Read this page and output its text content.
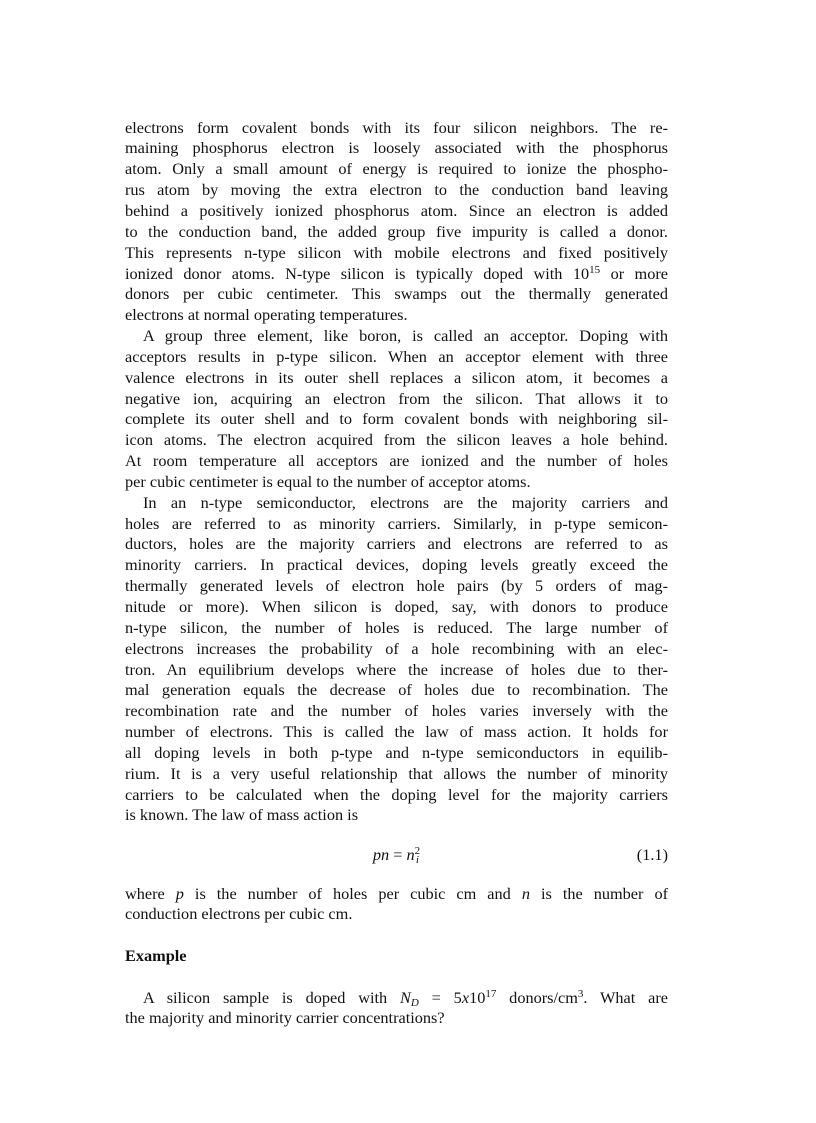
electrons form covalent bonds with its four silicon neighbors. The re-
maining phosphorus electron is loosely associated with the phosphorus
atom. Only a small amount of energy is required to ionize the phospho-
rus atom by moving the extra electron to the conduction band leaving
behind a positively ionized phosphorus atom. Since an electron is added
to the conduction band, the added group five impurity is called a donor.
This represents n-type silicon with mobile electrons and fixed positively
ionized donor atoms. N-type silicon is typically doped with $10^{15}$ or more
donors per cubic centimeter. This swamps out the thermally generated
electrons at normal operating temperatures.
A group three element, like boron, is called an acceptor. Doping with
acceptors results in p-type silicon. When an acceptor element with three
valence electrons in its outer shell replaces a silicon atom, it becomes a
negative ion, acquiring an electron from the silicon. That allows it to
complete its outer shell and to form covalent bonds with neighboring sil-
icon atoms. The electron acquired from the silicon leaves a hole behind.
At room temperature all acceptors are ionized and the number of holes
per cubic centimeter is equal to the number of acceptor atoms.
In an n-type semiconductor, electrons are the majority carriers and
holes are referred to as minority carriers. Similarly, in p-type semicon-
ductors, holes are the majority carriers and electrons are referred to as
minority carriers. In practical devices, doping levels greatly exceed the
thermally generated levels of electron hole pairs (by 5 orders of mag-
nitude or more). When silicon is doped, say, with donors to produce
n-type silicon, the number of holes is reduced. The large number of
electrons increases the probability of a hole recombining with an elec-
tron. An equilibrium develops where the increase of holes due to ther-
mal generation equals the decrease of holes due to recombination. The
recombination rate and the number of holes varies inversely with the
number of electrons. This is called the law of mass action. It holds for
all doping levels in both p-type and n-type semiconductors in equilib-
rium. It is a very useful relationship that allows the number of minority
carriers to be calculated when the doping level for the majority carriers
is known. The law of mass action is
pn = n 2
i	(1.1)
where p is the number of holes per cubic cm and n is the number of
conduction electrons per cubic cm.
Example
A silicon sample is doped with $N_D = 5x10^{17}$ donors/$cm^3$. What are
the majority and minority carrier concentrations?
